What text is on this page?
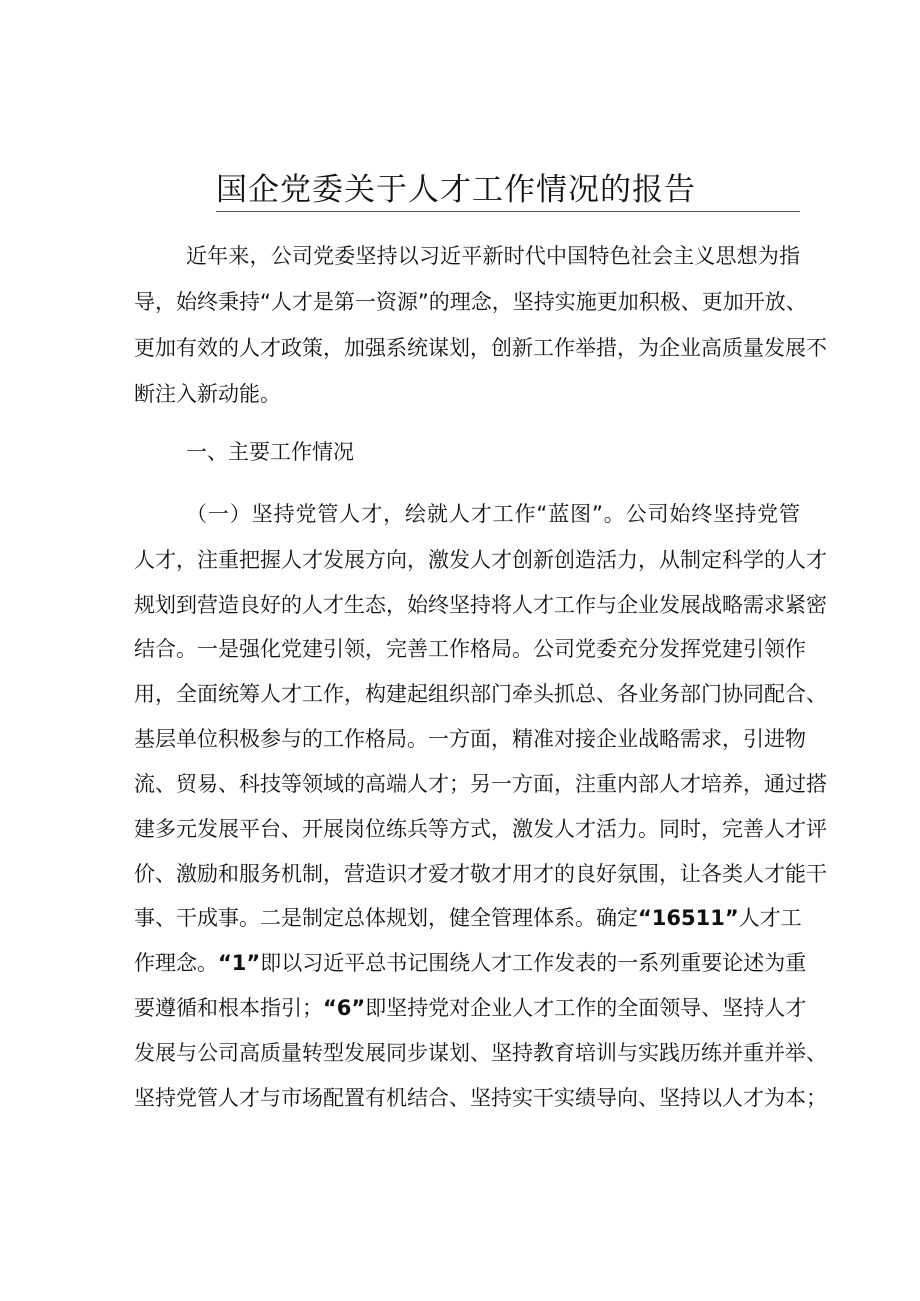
国企党委关于人才工作情况的报告
近年来，公司党委坚持以习近平新时代中国特色社会主义思想为指
导，始终秉持“人才是第一资源”的理念，坚持实施更加积极、更加开放、
更加有效的人才政策，加强系统谋划，创新工作举措，为企业高质量发展不
断注入新动能。
一、主要工作情况
（一）坚持党管人才，绘就人才工作“蓝图”。公司始终坚持党管
人才，注重把握人才发展方向，激发人才创新创造活力，从制定科学的人才
规划到营造良好的人才生态，始终坚持将人才工作与企业发展战略需求紧密
结合。一是强化党建引领，完善工作格局。公司党委充分发挥党建引领作
用，全面统筹人才工作，构建起组织部门牵头抓总、各业务部门协同配合、
基层单位积极参与的工作格局。一方面，精准对接企业战略需求，引进物
流、贸易、科技等领域的高端人才；另一方面，注重内部人才培养，通过搭
建多元发展平台、开展岗位练兵等方式，激发人才活力。同时，完善人才评
价、激励和服务机制，营造识才爱才敬才用才的良好氛围，让各类人才能干
事、干成事。二是制定总体规划，健全管理体系。确定“16511”人才工
作理念。“1”即以习近平总书记围绕人才工作发表的一系列重要论述为重
要遵循和根本指引；“6”即坚持党对企业人才工作的全面领导、坚持人才
发展与公司高质量转型发展同步谋划、坚持教育培训与实践历练并重并举、
坚持党管人才与市场配置有机结合、坚持实干实绩导向、坚持以人才为本；
